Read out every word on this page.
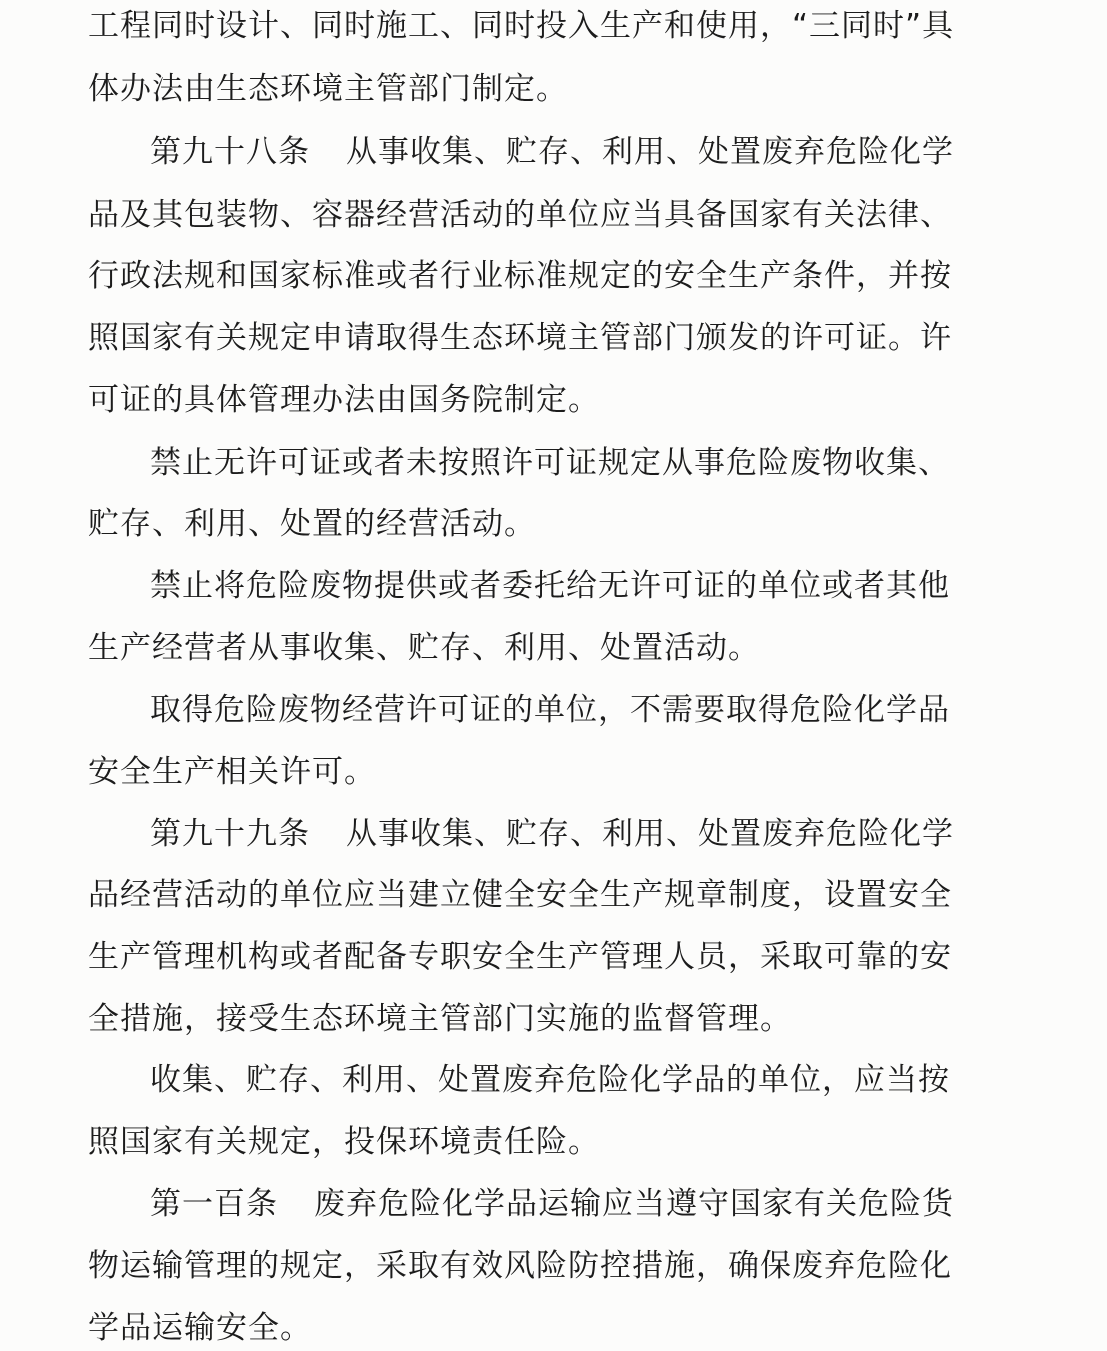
工程同时设计、同时施工、同时投入生产和使用，“三同时”具
体办法由生态环境主管部门制定。
第九十八条 从事收集、贮存、利用、处置废弃危险化学
品及其包装物、容器经营活动的单位应当具备国家有关法律、
行政法规和国家标准或者行业标准规定的安全生产条件，并按
照国家有关规定申请取得生态环境主管部门颁发的许可证。许
可证的具体管理办法由国务院制定。
禁止无许可证或者未按照许可证规定从事危险废物收集、
贮存、利用、处置的经营活动。
禁止将危险废物提供或者委托给无许可证的单位或者其他
生产经营者从事收集、贮存、利用、处置活动。
取得危险废物经营许可证的单位，不需要取得危险化学品
安全生产相关许可。
第九十九条 从事收集、贮存、利用、处置废弃危险化学
品经营活动的单位应当建立健全安全生产规章制度，设置安全
生产管理机构或者配备专职安全生产管理人员，采取可靠的安
全措施，接受生态环境主管部门实施的监督管理。
收集、贮存、利用、处置废弃危险化学品的单位，应当按
照国家有关规定，投保环境责任险。
第一百条 废弃危险化学品运输应当遵守国家有关危险货
物运输管理的规定，采取有效风险防控措施，确保废弃危险化
学品运输安全。
